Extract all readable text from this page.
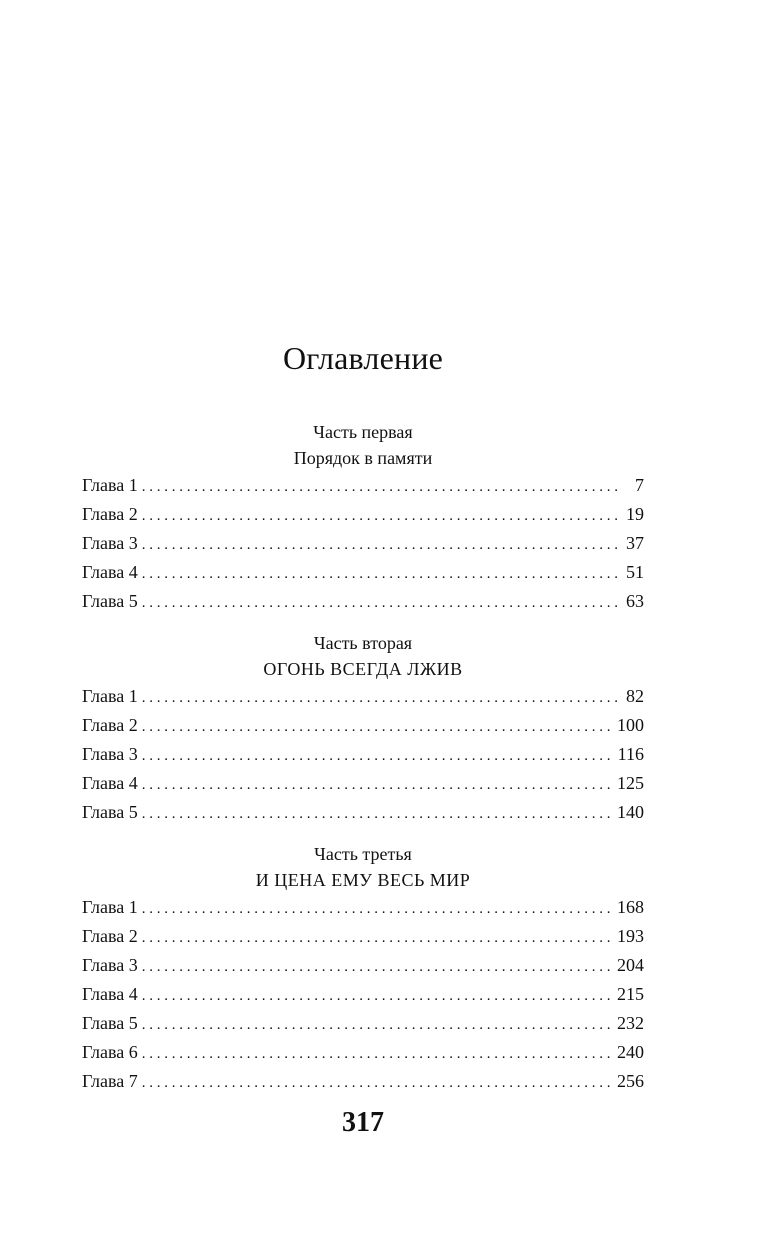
Оглавление
Часть первая
Порядок в памяти
Глава 1 . . .	7
Глава 2 . . .	19
Глава 3 . . .	37
Глава 4 . . .	51
Глава 5 . . .	63
Часть вторая
ОГОНЬ ВСЕГДА ЛЖИВ
Глава 1 . . .	82
Глава 2 . . .	100
Глава 3 . . .	116
Глава 4 . . .	125
Глава 5 . . .	140
Часть третья
И ЦЕНА ЕМУ ВЕСЬ МИР
Глава 1 . . .	168
Глава 2 . . .	193
Глава 3 . . .	204
Глава 4 . . .	215
Глава 5 . . .	232
Глава 6 . . .	240
Глава 7 . . .	256
317
